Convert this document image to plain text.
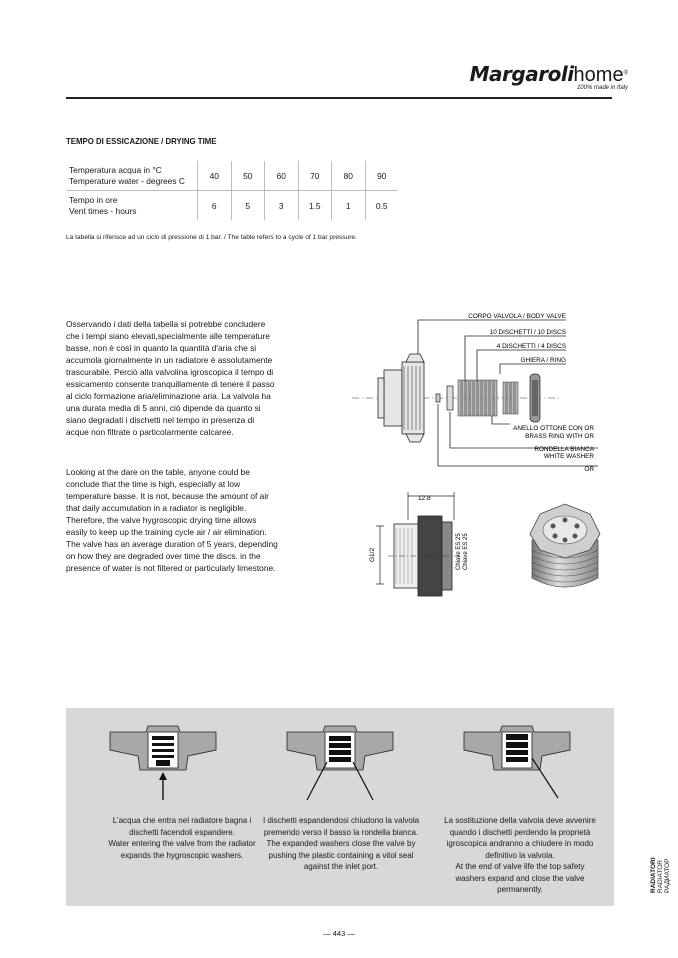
Margarolihome®
100% made in Italy
TEMPO DI ESSICAZIONE / DRYING TIME
Temperatura acqua in °C
Temperature water - degrees C	40	50	60	70	80	90

Tempo in ore
Vent times - hours	6	5	3	1.5	1	0.5
La tabella si riferisce ad un ciclo di pressione di 1 bar. / The table refers to a cycle of 1 bar pressure.
Osservando i dati della tabella si potrebbe concludere che i tempi siano elevati,specialmente alle temperature basse, non è così in quanto la quantità d'aria che si accumola giornalmente in un radiatore è assolutamente trascurabile. Perciò alla valvolina igroscopica il tempo di essicamento consente tranquillamente di tenere il passo al ciclo formazione aria/eliminazione aria. La valvola ha una durata media di 5 anni, ciò dipende da quanto si siano degradati i dischetti nel tempo in presenza di acque non filtrate o particolarmente calcaree.
Looking at the dare on the table, anyone could be conclude that the time is high, especially at low temperature basse. It is not, because the amount of air that daily accumulation in a radiator is negligible. Therefore, the valve hygroscopic drying time allows easily to keep up the training cycle air / air elimination. The valve has an average duration of 5 years, depending on how they are degraded over time the discs. in the presence of water is not filtered or particularly limestone.
CORPO VALVOLA / BODY VALVE
10 DISCHETTI / 10 DISCS
4 DISCHETTI / 4 DISCS
GHIERA / RING
ANELLO OTTONE CON OR
BRASS RING WITH OR
RONDELLA BIANCA
WHITE WASHER
OR
12.8
G1/2	Chiave ES 25 Chiave ES 25
L'acqua che entra nel radiatore bagna i dischetti facendoli espandere.
Water entering the valve from the radiator expands the hygroscopic washers.
I dischetti espandendosi chiudono la valvola premendo verso il basso la rondella bianca.
The expanded washers close the valve by pushing the plastic containing a vitol seal against the inlet port.
La sostituzione della valvola deve avvenire quando i dischetti perdendo la proprietà igroscopica andranno a chiudere in modo definitivo la valvola.
At the end of valve life the top safety washers expand and close the valve permanently.	RADIATORI RADIATOR РАДИАТОР
— 443 —
